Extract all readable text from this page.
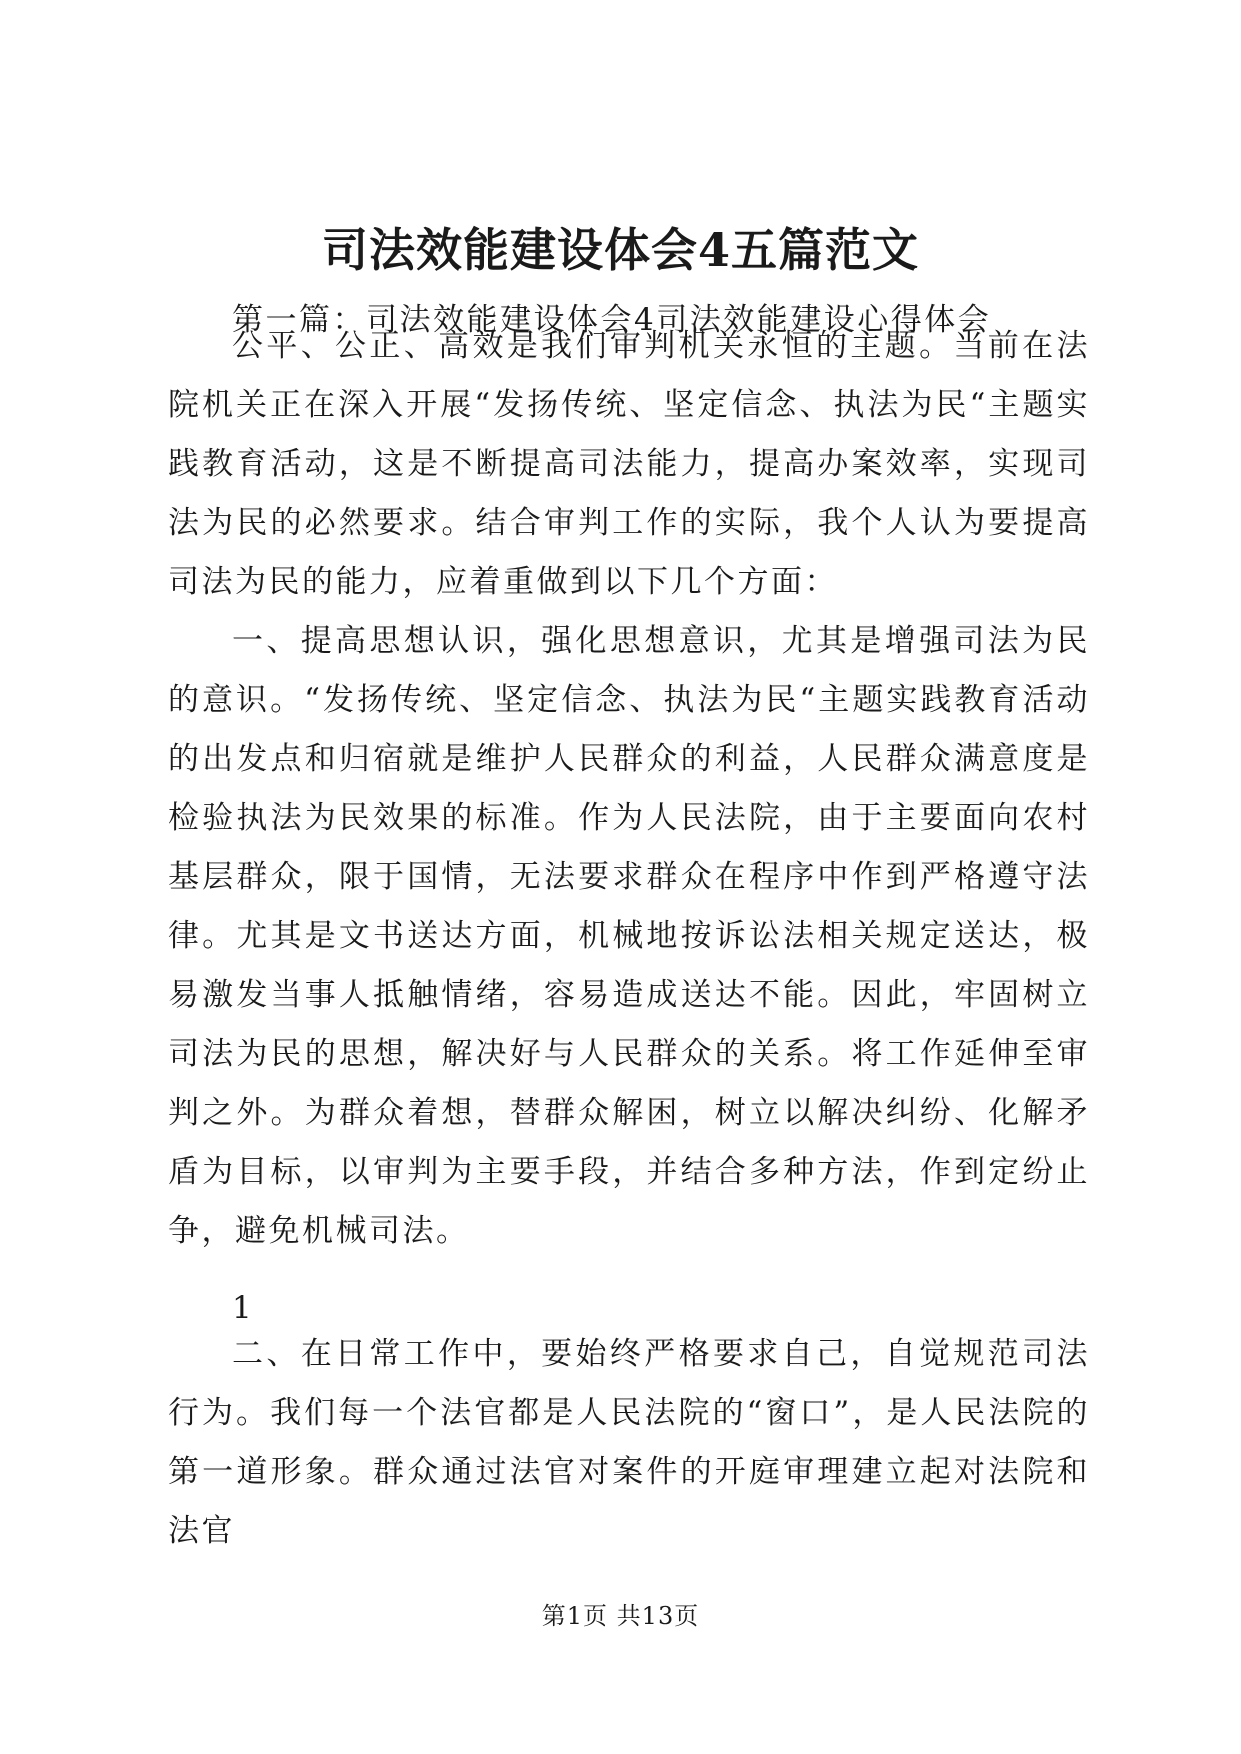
司法效能建设体会4五篇范文
第一篇：司法效能建设体会4司法效能建设心得体会

公平、公正、高效是我们审判机关永恒的主题。当前在法院机关正在深入开展“发扬传统、坚定信念、执法为民“主题实践教育活动，这是不断提高司法能力，提高办案效率，实现司法为民的必然要求。结合审判工作的实际，我个人认为要提高司法为民的能力，应着重做到以下几个方面：

一、提高思想认识，强化思想意识，尤其是增强司法为民的意识。“发扬传统、坚定信念、执法为民“主题实践教育活动的出发点和归宿就是维护人民群众的利益，人民群众满意度是检验执法为民效果的标准。作为人民法院，由于主要面向农村基层群众，限于国情，无法要求群众在程序中作到严格遵守法律。尤其是文书送达方面，机械地按诉讼法相关规定送达，极易激发当事人抵触情绪，容易造成送达不能。因此，牢固树立司法为民的思想，解决好与人民群众的关系。将工作延伸至审判之外。为群众着想，替群众解困，树立以解决纠纷、化解矛盾为目标，以审判为主要手段，并结合多种方法，作到定纷止争，避免机械司法。

1

二、在日常工作中，要始终严格要求自己，自觉规范司法行为。我们每一个法官都是人民法院的“窗口”，是人民法院的第一道形象。群众通过法官对案件的开庭审理建立起对法院和法官

第1页 共13页
